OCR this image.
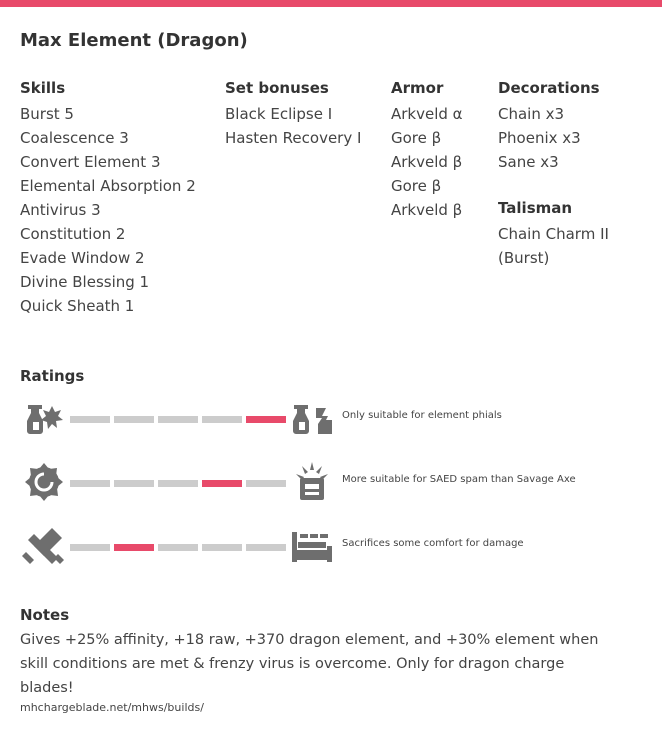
Max Element (Dragon)
Skills
Burst 5
Coalescence 3
Convert Element 3
Elemental Absorption 2
Antivirus 3
Constitution 2
Evade Window 2
Divine Blessing 1
Quick Sheath 1
Set bonuses
Black Eclipse I
Hasten Recovery I
Armor
Arkveld α
Gore β
Arkveld β
Gore β
Arkveld β
Decorations
Chain x3
Phoenix x3
Sane x3
Talisman
Chain Charm II
(Burst)
Ratings
Only suitable for element phials
More suitable for SAED spam than Savage Axe
Sacrifices some comfort for damage
Notes
Gives +25% affinity, +18 raw, +370 dragon element, and +30% element when skill conditions are met & frenzy virus is overcome. Only for dragon charge blades!
mhchargeblade.net/mhws/builds/
